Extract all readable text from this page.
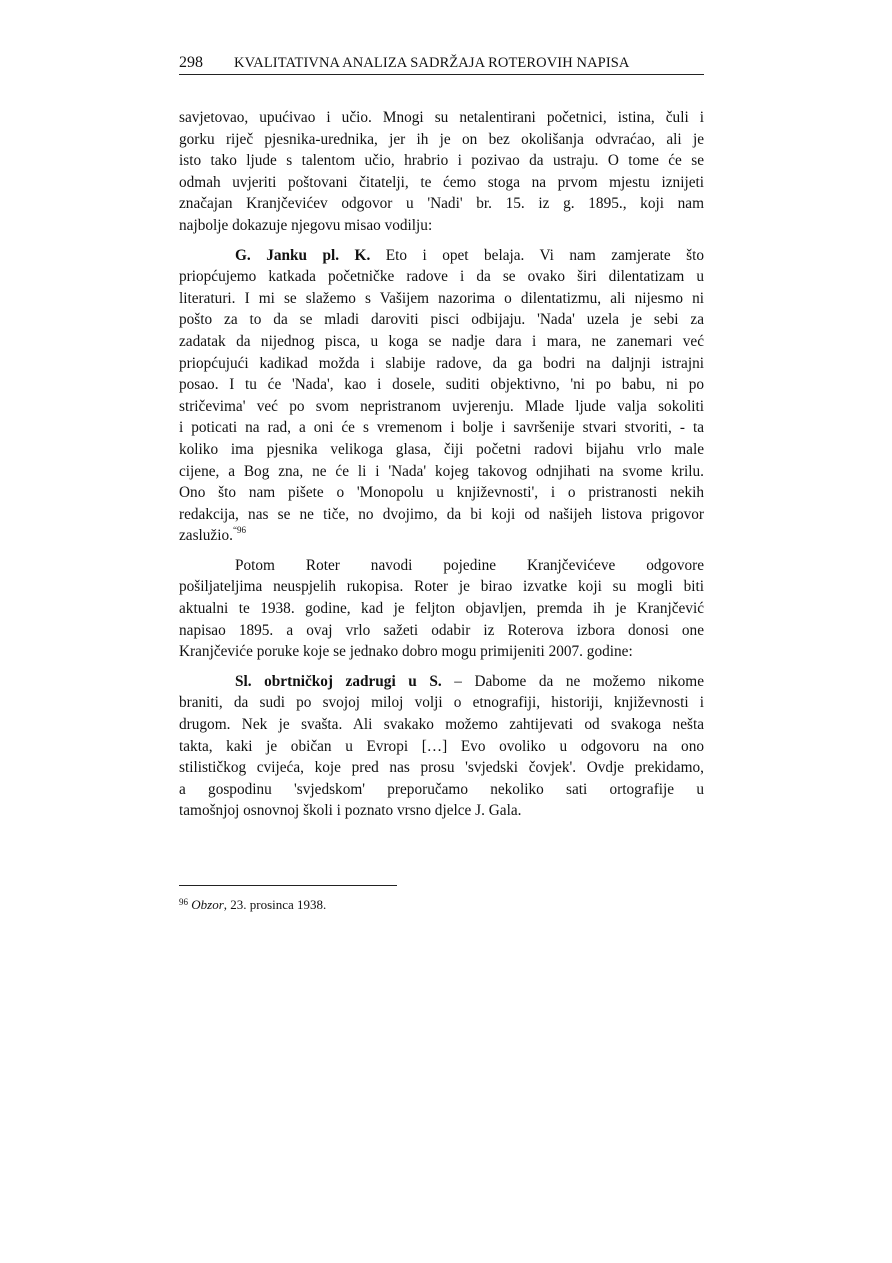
298 KVALITATIVNA ANALIZA SADRŽAJA ROTEROVIH NAPISA
savjetovao, upućivao i učio. Mnogi su netalentirani početnici, istina, čuli i
gorku riječ pjesnika-urednika, jer ih je on bez okolišanja odvraćao, ali je
isto tako ljude s talentom učio, hrabrio i pozivao da ustraju. O tome će se
odmah uvjeriti poštovani čitatelji, te ćemo stoga na prvom mjestu iznijeti
značajan Kranjčevićev odgovor u 'Nadi' br. 15. iz g. 1895., koji nam
najbolje dokazuje njegovu misao vodilju:
G. Janku pl. K. Eto i opet belaja. Vi nam zamjerate što
priopćujemo katkada početničke radove i da se ovako širi dilentatizam u
literaturi. I mi se slažemo s Vašijem nazorima o dilentatizmu, ali nijesmo ni
pošto za to da se mladi daroviti pisci odbijaju. 'Nada' uzela je sebi za
zadatak da nijednog pisca, u koga se nadje dara i mara, ne zanemari već
priopćujući kadikad možda i slabije radove, da ga bodri na daljnji istrajni
posao. I tu će 'Nada', kao i dosele, suditi objektivno, 'ni po babu, ni po
stričevima' već po svom nepristranom uvjerenju. Mlade ljude valja sokoliti
i poticati na rad, a oni će s vremenom i bolje i savršenije stvari stvoriti, - ta
koliko ima pjesnika velikoga glasa, čiji početni radovi bijahu vrlo male
cijene, a Bog zna, ne će li i 'Nada' kojeg takovog odnjihati na svome krilu.
Ono što nam pišete o 'Monopolu u književnosti', i o pristranosti nekih
redakcija, nas se ne tiče, no dvojimo, da bi koji od našijeh listova prigovor
zaslužio.$^{“96}$
Potom Roter navodi pojedine Kranjčevićeve odgovore
pošiljateljima neuspjelih rukopisa. Roter je birao izvatke koji su mogli biti
aktualni te 1938. godine, kad je feljton objavljen, premda ih je Kranjčević
napisao 1895. a ovaj vrlo sažeti odabir iz Roterova izbora donosi one
Kranjčeviće poruke koje se jednako dobro mogu primijeniti 2007. godine:
Sl. obrtničkoj zadrugi u S. – Dabome da ne možemo nikome
braniti, da sudi po svojoj miloj volji o etnografiji, historiji, književnosti i
drugom. Nek je svašta. Ali svakako možemo zahtijevati od svakoga nešta
takta, kaki je običan u Evropi […] Evo ovoliko u odgovoru na ono
stilističkog cvijeća, koje pred nas prosu 'svjedski čovjek'. Ovdje prekidamo,
a gospodinu 'svjedskom' preporučamo nekoliko sati ortografije u
tamošnjoj osnovnoj školi i poznato vrsno djelce J. Gala.
$^{96}$ Obzor, 23. prosinca 1938.
